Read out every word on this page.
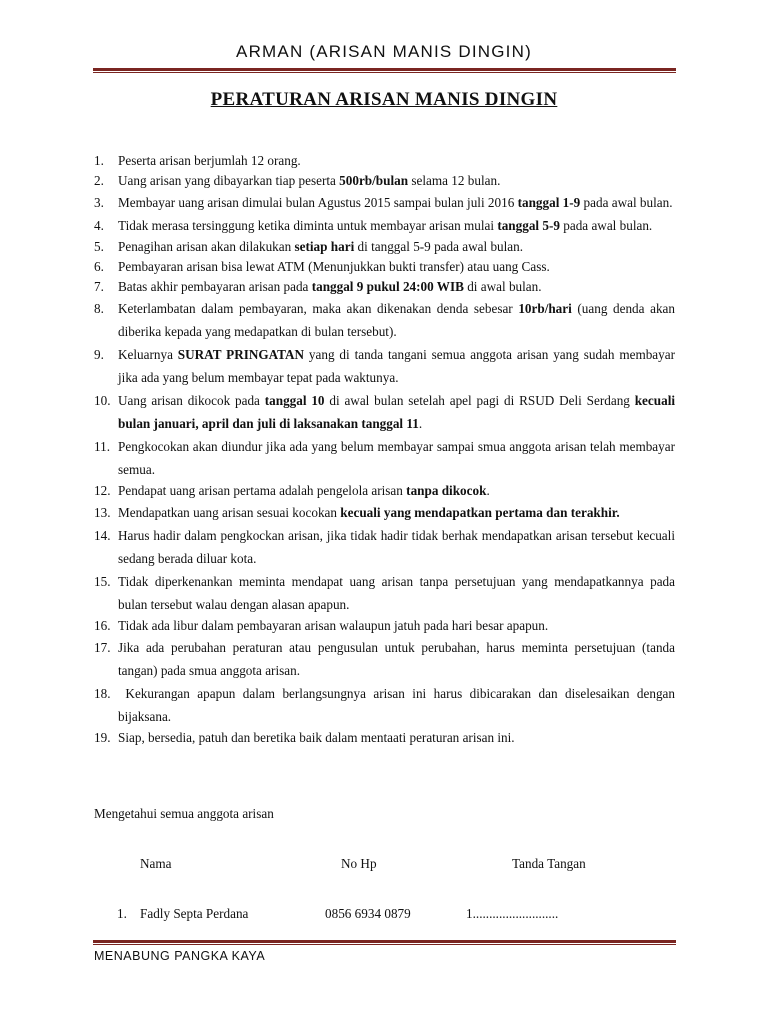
ARMAN (ARISAN MANIS DINGIN)
PERATURAN ARISAN MANIS DINGIN
1. Peserta arisan berjumlah 12 orang.
2. Uang arisan yang dibayarkan tiap peserta 500rb/bulan selama 12 bulan.
3. Membayar uang arisan dimulai bulan Agustus 2015 sampai bulan juli 2016 tanggal 1-9 pada awal bulan.
4. Tidak merasa tersinggung ketika diminta untuk membayar arisan mulai tanggal 5-9 pada awal bulan.
5. Penagihan arisan akan dilakukan setiap hari di tanggal 5-9 pada awal bulan.
6. Pembayaran arisan bisa lewat ATM (Menunjukkan bukti transfer) atau uang Cass.
7. Batas akhir pembayaran arisan pada tanggal 9 pukul 24:00 WIB di awal bulan.
8. Keterlambatan dalam pembayaran, maka akan dikenakan denda sebesar 10rb/hari (uang denda akan diberika kepada yang medapatkan di bulan tersebut).
9. Keluarnya SURAT PRINGATAN yang di tanda tangani semua anggota arisan yang sudah membayar jika ada yang belum membayar tepat pada waktunya.
10. Uang arisan dikocok pada tanggal 10 di awal bulan setelah apel pagi di RSUD Deli Serdang kecuali bulan januari, april dan juli di laksanakan tanggal 11.
11. Pengkocokan akan diundur jika ada yang belum membayar sampai smua anggota arisan telah membayar semua.
12. Pendapat uang arisan pertama adalah pengelola arisan tanpa dikocok.
13. Mendapatkan uang arisan sesuai kocokan kecuali yang mendapatkan pertama dan terakhir.
14. Harus hadir dalam pengkockan arisan, jika tidak hadir tidak berhak mendapatkan arisan tersebut kecuali sedang berada diluar kota.
15. Tidak diperkenankan meminta mendapat uang arisan tanpa persetujuan yang mendapatkannya pada bulan tersebut walau dengan alasan apapun.
16. Tidak ada libur dalam pembayaran arisan walaupun jatuh pada hari besar apapun.
17. Jika ada perubahan peraturan atau pengusulan untuk perubahan, harus meminta persetujuan (tanda tangan) pada smua anggota arisan.
18. Kekurangan apapun dalam berlangsungnya arisan ini harus dibicarakan dan diselesaikan dengan bijaksana.
19. Siap, bersedia, patuh dan beretika baik dalam mentaati peraturan arisan ini.
Mengetahui semua anggota arisan
Nama	No Hp	Tanda Tangan
1. Fadly Septa Perdana	0856 6934 0879	1..........................
MENABUNG PANGKA KAYA
